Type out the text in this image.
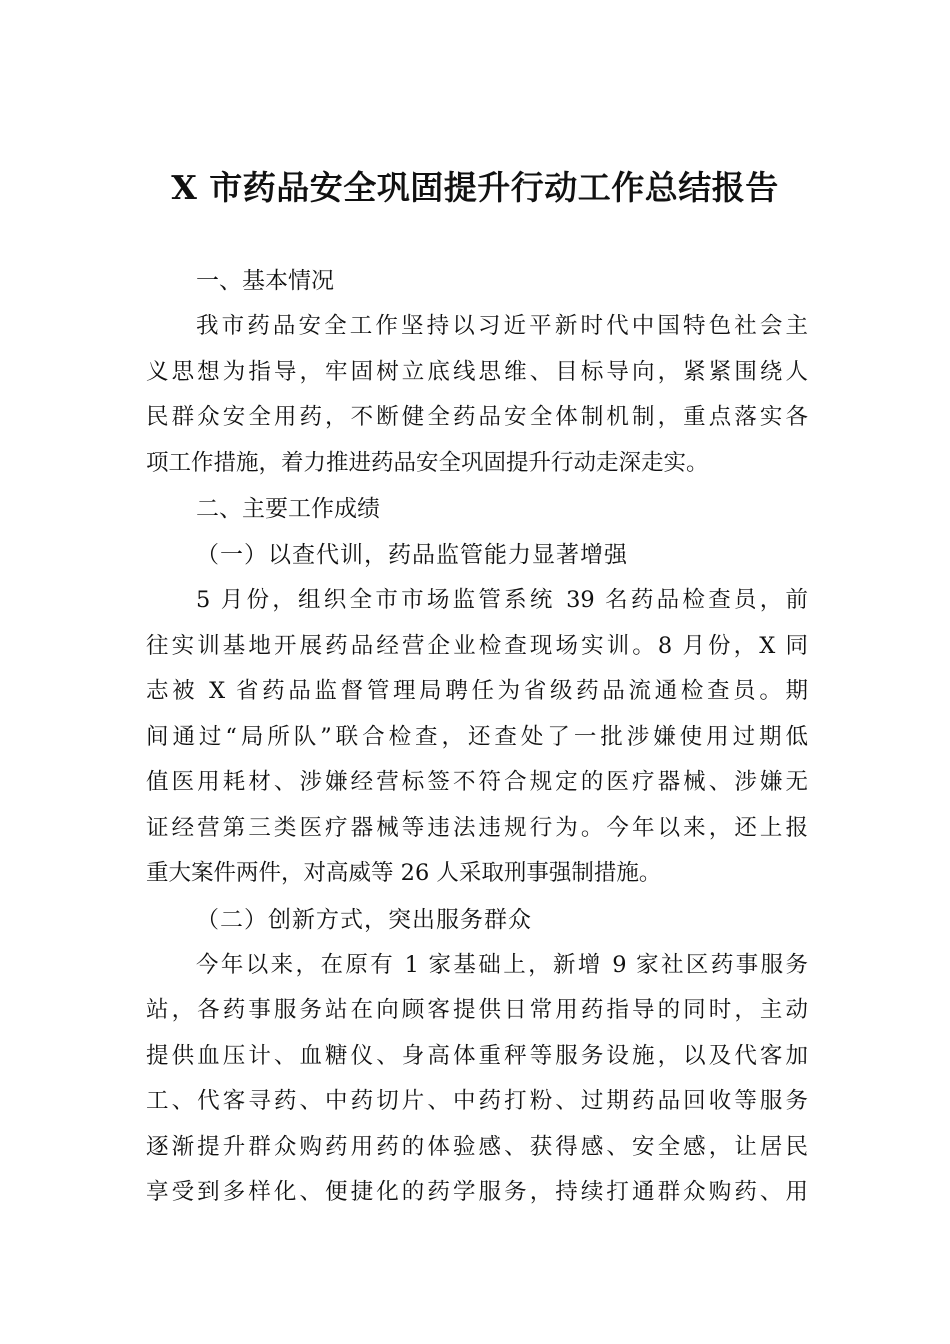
X 市药品安全巩固提升行动工作总结报告

一、基本情况

我市药品安全工作坚持以习近平新时代中国特色社会主
义思想为指导，牢固树立底线思维、目标导向，紧紧围绕人
民群众安全用药，不断健全药品安全体制机制，重点落实各
项工作措施，着力推进药品安全巩固提升行动走深走实。

二、主要工作成绩

（一）以查代训，药品监管能力显著增强

5 月份，组织全市市场监管系统 39 名药品检查员，前
往实训基地开展药品经营企业检查现场实训。8 月份，X 同
志被 X 省药品监督管理局聘任为省级药品流通检查员。期
间通过“局所队”联合检查，还查处了一批涉嫌使用过期低
值医用耗材、涉嫌经营标签不符合规定的医疗器械、涉嫌无
证经营第三类医疗器械等违法违规行为。今年以来，还上报
重大案件两件，对高威等 26 人采取刑事强制措施。

（二）创新方式，突出服务群众

今年以来，在原有 1 家基础上，新增 9 家社区药事服务
站，各药事服务站在向顾客提供日常用药指导的同时，主动
提供血压计、血糖仪、身高体重秤等服务设施，以及代客加
工、代客寻药、中药切片、中药打粉、过期药品回收等服务
逐渐提升群众购药用药的体验感、获得感、安全感，让居民
享受到多样化、便捷化的药学服务，持续打通群众购药、用
